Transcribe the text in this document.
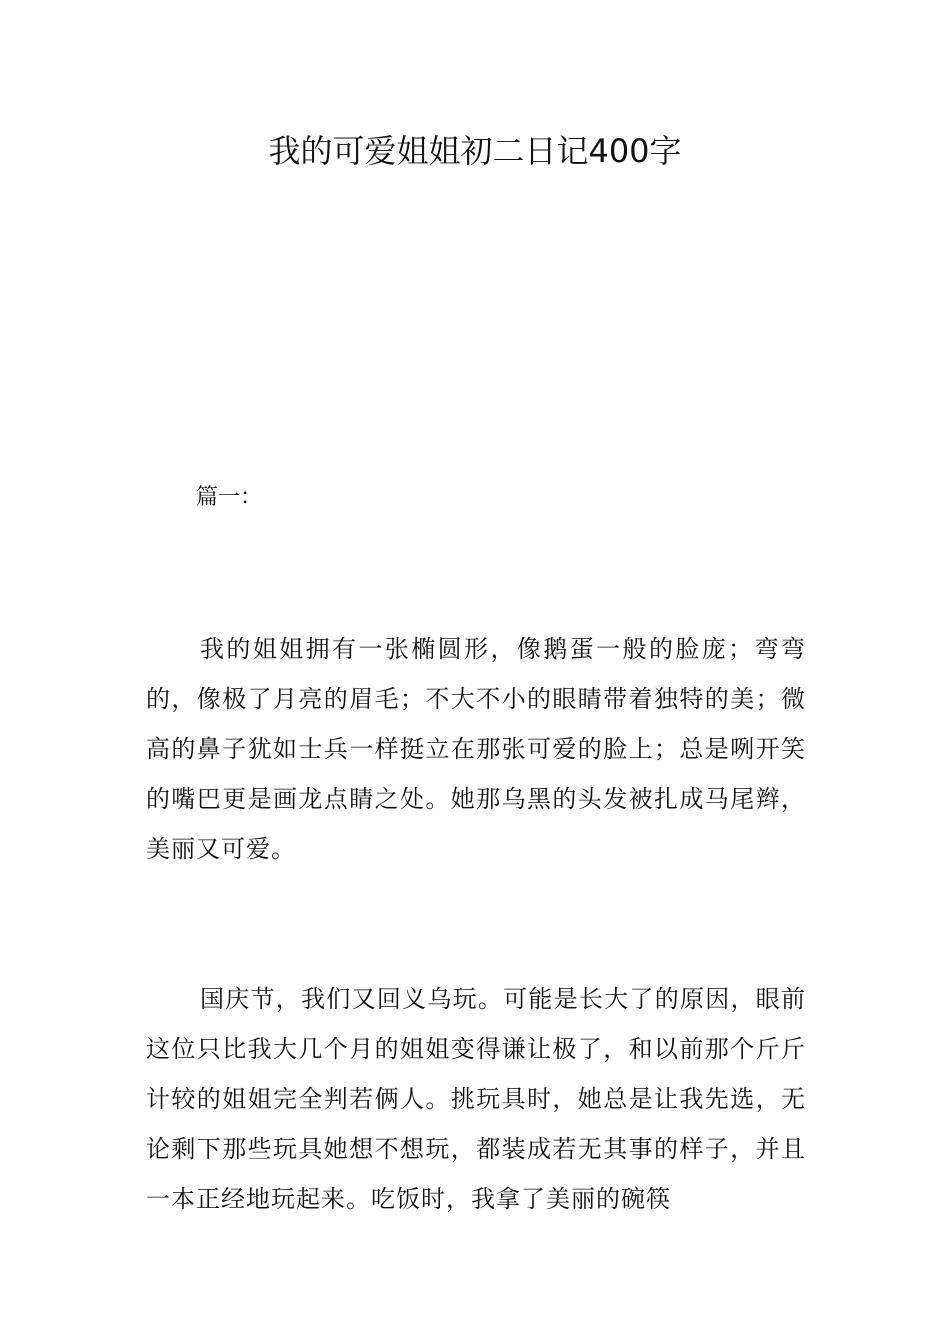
我的可爱姐姐初二日记400字

篇一：

我的姐姐拥有一张椭圆形，像鹅蛋一般的脸庞；弯弯的，像极了月亮的眉毛；不大不小的眼睛带着独特的美；微高的鼻子犹如士兵一样挺立在那张可爱的脸上；总是咧开笑的嘴巴更是画龙点睛之处。她那乌黑的头发被扎成马尾辫，美丽又可爱。

国庆节，我们又回义乌玩。可能是长大了的原因，眼前这位只比我大几个月的姐姐变得谦让极了，和以前那个斤斤计较的姐姐完全判若俩人。挑玩具时，她总是让我先选，无论剩下那些玩具她想不想玩，都装成若无其事的样子，并且一本正经地玩起来。吃饭时，我拿了美丽的碗筷
